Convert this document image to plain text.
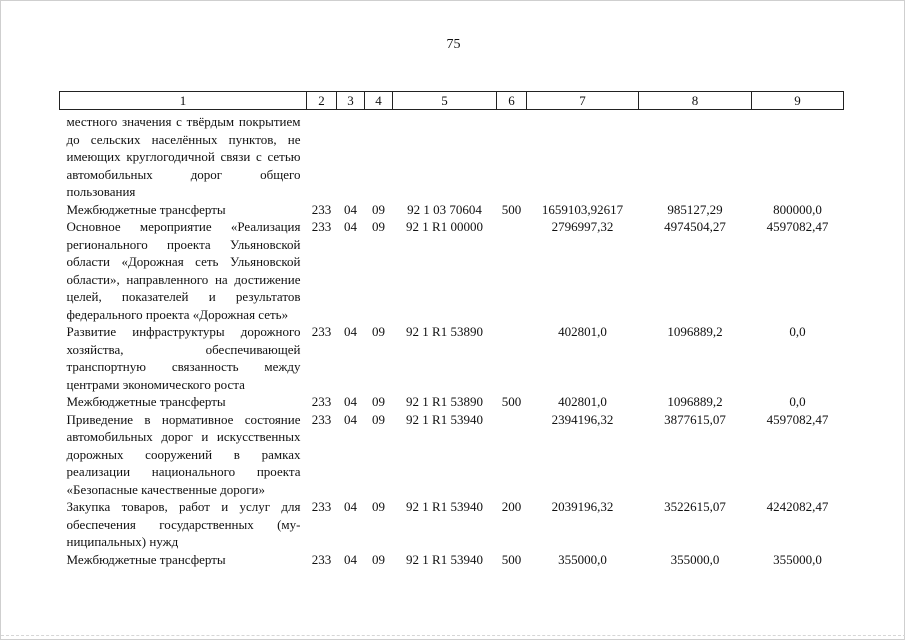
75
1	2	3	4	5	6	7	8	9
местного значения с твёрдым покрытием до сельских населённых пунктов, не имеющих круглогодичной связи с сетью автомобильных дорог общего пользования								
Межбюджетные трансферты	233	04	09	92 1 03 70604	500	1659103,92617	985127,29	800000,0
Основное мероприятие «Реализация регионального проекта Ульяновской области «Дорожная сеть Ульяновской области», направленного на достижение целей, показателей и результатов федерального проекта «Дорожная сеть»	233	04	09	92 1 R1 00000		2796997,32	4974504,27	4597082,47
Развитие инфраструктуры дорожного хозяйства, обеспечивающей транспортную связанность между центрами экономического роста	233	04	09	92 1 R1 53890		402801,0	1096889,2	0,0
Межбюджетные трансферты	233	04	09	92 1 R1 53890	500	402801,0	1096889,2	0,0
Приведение в нормативное состояние автомобильных дорог и искусственных дорожных сооружений в рамках реализации национального проекта «Безопасные качественные дороги»	233	04	09	92 1 R1 53940		2394196,32	3877615,07	4597082,47
Закупка товаров, работ и услуг для обеспечения государственных (муниципальных) нужд	233	04	09	92 1 R1 53940	200	2039196,32	3522615,07	4242082,47
Межбюджетные трансферты	233	04	09	92 1 R1 53940	500	355000,0	355000,0	355000,0
